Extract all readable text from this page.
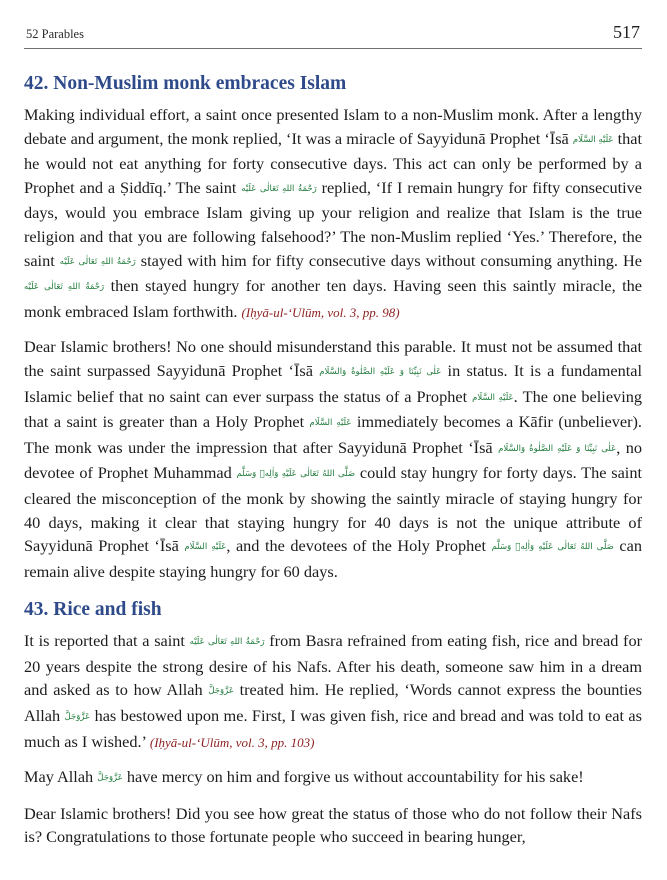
52 Parables	517
42. Non-Muslim monk embraces Islam

Making individual effort, a saint once presented Islam to a non-Muslim monk. After a lengthy debate and argument, the monk replied, ‘It was a miracle of Sayyidunā Prophet ‘Īsā عَلَيْهِ السَّلَام that he would not eat anything for forty consecutive days. This act can only be performed by a Prophet and a Ṣiddīq.’ The saint رَحْمَةُ اللهِ تَعَالٰى عَلَيْه replied, ‘If I remain hungry for fifty consecutive days, would you embrace Islam giving up your religion and realize that Islam is the true religion and that you are following falsehood?’ The non-Muslim replied ‘Yes.’ Therefore, the saint رَحْمَةُ اللهِ تَعَالٰى عَلَيْه stayed with him for fifty consecutive days without consuming anything. He رَحْمَةُ اللهِ تَعَالٰى عَلَيْه then stayed hungry for another ten days. Having seen this saintly miracle, the monk embraced Islam forthwith. (Iḥyā-ul-‘Ulūm, vol. 3, pp. 98)

Dear Islamic brothers! No one should misunderstand this parable. It must not be assumed that the saint surpassed Sayyidunā Prophet ‘Īsā عَلٰى نَبِيِّنَا وَ عَلَيْهِ الصَّلٰوةُ وَالسَّلَام in status. It is a fundamental Islamic belief that no saint can ever surpass the status of a Prophet عَلَيْهِ السَّلَام. The one believing that a saint is greater than a Holy Prophet عَلَيْهِ السَّلَام immediately becomes a Kāfir (unbeliever). The monk was under the impression that after Sayyidunā Prophet ‘Īsā عَلٰى نَبِيِّنَا وَ عَلَيْهِ الصَّلٰوةُ وَالسَّلَام, no devotee of Prophet Muhammad صَلَّى اللهُ تَعَالٰى عَلَيْهِ وَاٰلِهٖ وَسَلَّم could stay hungry for forty days. The saint cleared the misconception of the monk by showing the saintly miracle of staying hungry for 40 days, making it clear that staying hungry for 40 days is not the unique attribute of Sayyidunā Prophet ‘Īsā عَلَيْهِ السَّلَام, and the devotees of the Holy Prophet صَلَّى اللهُ تَعَالٰى عَلَيْهِ وَاٰلِهٖ وَسَلَّم can remain alive despite staying hungry for 60 days.

43. Rice and fish

It is reported that a saint رَحْمَةُ اللهِ تَعَالٰى عَلَيْه from Basra refrained from eating fish, rice and bread for 20 years despite the strong desire of his Nafs. After his death, someone saw him in a dream and asked as to how Allah عَزَّوَجَلَّ treated him. He replied, ‘Words cannot express the bounties Allah عَزَّوَجَلَّ has bestowed upon me. First, I was given fish, rice and bread and was told to eat as much as I wished.’ (Iḥyā-ul-‘Ulūm, vol. 3, pp. 103)

May Allah عَزَّوَجَلَّ have mercy on him and forgive us without accountability for his sake!

Dear Islamic brothers! Did you see how great the status of those who do not follow their Nafs is? Congratulations to those fortunate people who succeed in bearing hunger,
